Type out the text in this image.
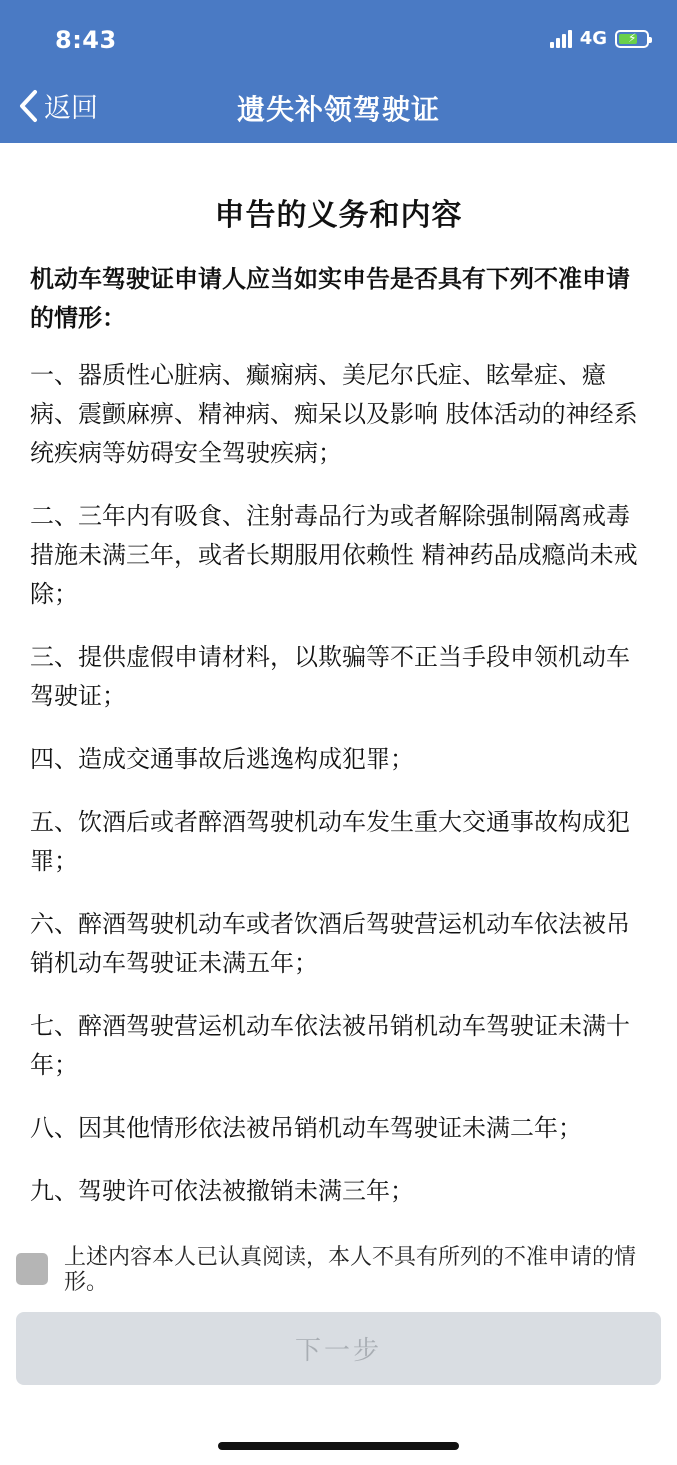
8:43	4G ⚡
返回	遗失补领驾驶证
申告的义务和内容
机动车驾驶证申请人应当如实申告是否具有下列不准申请的情形：
一、器质性心脏病、癫痫病、美尼尔氏症、眩晕症、癔病、震颤麻痹、精神病、痴呆以及影响 肢体活动的神经系统疾病等妨碍安全驾驶疾病；
二、三年内有吸食、注射毒品行为或者解除强制隔离戒毒措施未满三年，或者长期服用依赖性 精神药品成瘾尚未戒除；
三、提供虚假申请材料，以欺骗等不正当手段申领机动车驾驶证；
四、造成交通事故后逃逸构成犯罪；
五、饮酒后或者醉酒驾驶机动车发生重大交通事故构成犯罪；
六、醉酒驾驶机动车或者饮酒后驾驶营运机动车依法被吊销机动车驾驶证未满五年；
七、醉酒驾驶营运机动车依法被吊销机动车驾驶证未满十年；
八、因其他情形依法被吊销机动车驾驶证未满二年；
九、驾驶许可依法被撤销未满三年；
上述内容本人已认真阅读，本人不具有所列的不准申请的情形。
下一步
